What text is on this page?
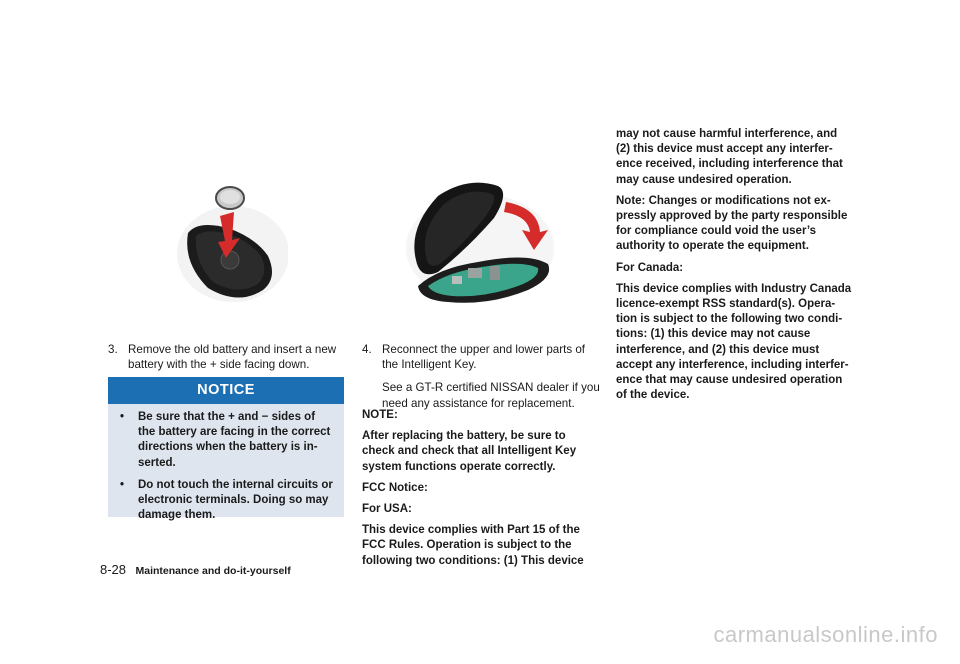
3. Remove the old battery and insert a new battery with the + side facing down.

NOTICE
• Be sure that the + and − sides of the battery are facing in the correct directions when the battery is in-serted.
• Do not touch the internal circuits or electronic terminals. Doing so may damage them.
4. Reconnect the upper and lower parts of the Intelligent Key.

See a GT-R certified NISSAN dealer if you need any assistance for replacement.

NOTE:

After replacing the battery, be sure to check and check that all Intelligent Key system functions operate correctly.

FCC Notice:

For USA:

This device complies with Part 15 of the FCC Rules. Operation is subject to the following two conditions: (1) This device

may not cause harmful interference, and (2) this device must accept any interfer-ence received, including interference that may cause undesired operation.

Note: Changes or modifications not ex-pressly approved by the party responsible for compliance could void the user’s authority to operate the equipment.

For Canada:

This device complies with Industry Canada licence-exempt RSS standard(s). Opera-tion is subject to the following two condi-tions: (1) this device may not cause interference, and (2) this device must accept any interference, including interfer-ence that may cause undesired operation of the device.

8-28 Maintenance and do-it-yourself
carmanualsonline.info
